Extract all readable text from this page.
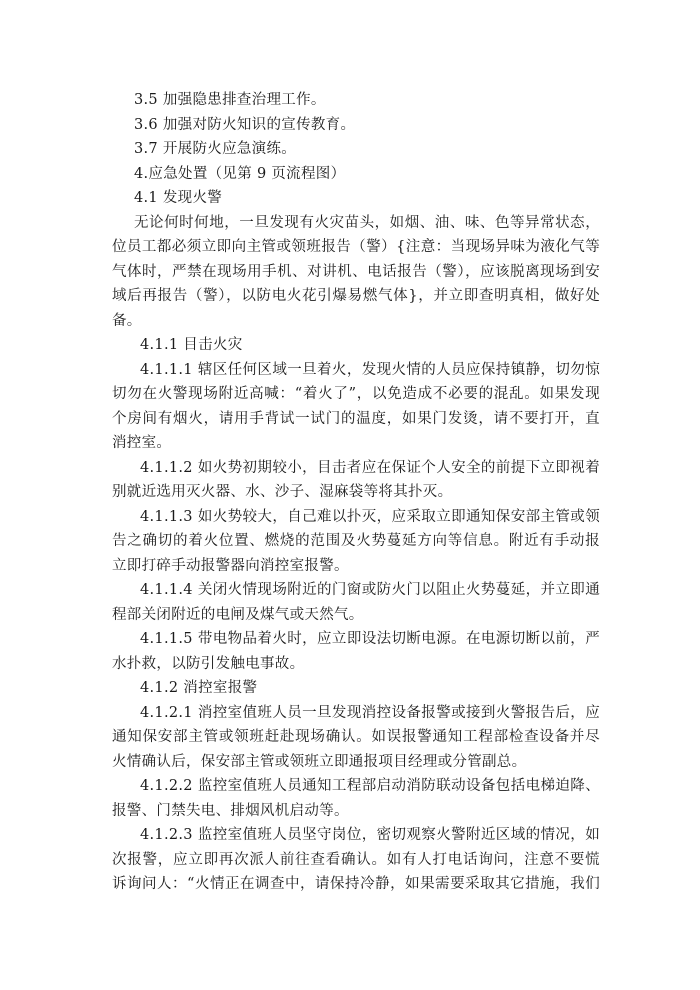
3.5 加强隐患排查治理工作。
3.6 加强对防火知识的宣传教育。
3.7 开展防火应急演练。
4.应急处置（见第 9 页流程图）
4.1 发现火警
无论何时何地，一旦发现有火灾苗头，如烟、油、味、色等异常状态，
位员工都必须立即向主管或领班报告（警）{注意：当现场异味为液化气等
气体时，严禁在现场用手机、对讲机、电话报告（警），应该脱离现场到安
域后再报告（警），以防电火花引爆易燃气体}，并立即查明真相，做好处
备。
4.1.1 目击火灾
4.1.1.1 辖区任何区域一旦着火，发现火情的人员应保持镇静，切勿惊
切勿在火警现场附近高喊：“着火了”，以免造成不必要的混乱。如果发现
个房间有烟火，请用手背试一试门的温度，如果门发烫，请不要打开，直
消控室。
4.1.1.2 如火势初期较小，目击者应在保证个人安全的前提下立即视着
别就近选用灭火器、水、沙子、湿麻袋等将其扑灭。
4.1.1.3 如火势较大，自己难以扑灭，应采取立即通知保安部主管或领
告之确切的着火位置、燃烧的范围及火势蔓延方向等信息。附近有手动报
立即打碎手动报警器向消控室报警。
4.1.1.4 关闭火情现场附近的门窗或防火门以阻止火势蔓延，并立即通
程部关闭附近的电闸及煤气或天然气。
4.1.1.5 带电物品着火时，应立即设法切断电源。在电源切断以前，严
水扑救，以防引发触电事故。
4.1.2 消控室报警
4.1.2.1 消控室值班人员一旦发现消控设备报警或接到火警报告后，应
通知保安部主管或领班赶赴现场确认。如误报警通知工程部检查设备并尽
火情确认后，保安部主管或领班立即通报项目经理或分管副总。
4.1.2.2 监控室值班人员通知工程部启动消防联动设备包括电梯迫降、
报警、门禁失电、排烟风机启动等。
4.1.2.3 监控室值班人员坚守岗位，密切观察火警附近区域的情况，如
次报警，应立即再次派人前往查看确认。如有人打电话询问，注意不要慌
诉询问人：“火情正在调查中，请保持冷静，如果需要采取其它措施，我们
